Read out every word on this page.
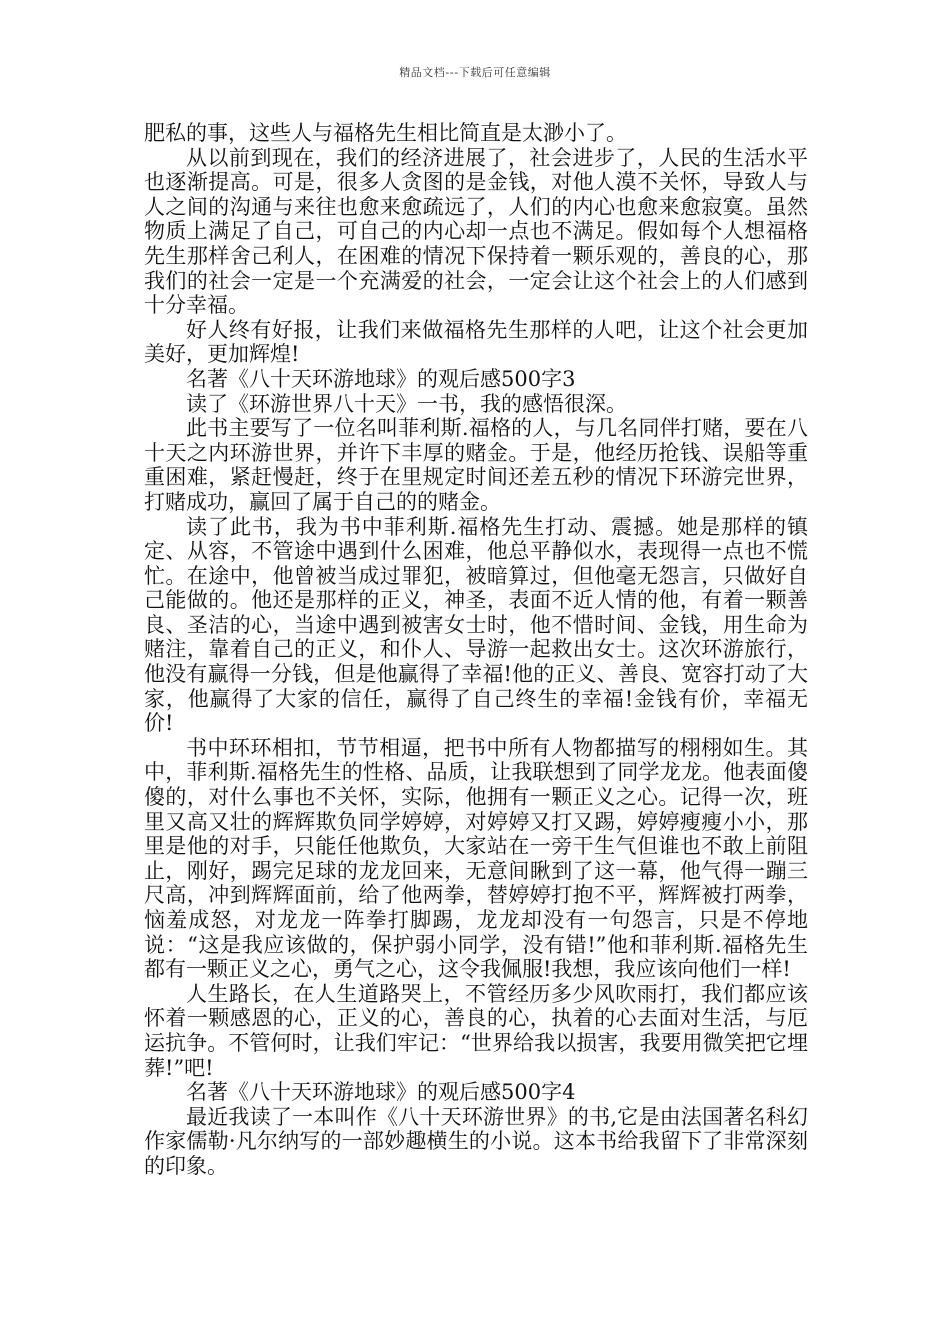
精品文档---下载后可任意编辑

肥私的事，这些人与福格先生相比简直是太渺小了。

从以前到现在，我们的经济进展了，社会进步了，人民的生活水平也逐渐提高。可是，很多人贪图的是金钱，对他人漠不关怀，导致人与人之间的沟通与来往也愈来愈疏远了，人们的内心也愈来愈寂寞。虽然物质上满足了自己，可自己的内心却一点也不满足。假如每个人想福格先生那样舍己利人，在困难的情况下保持着一颗乐观的，善良的心，那我们的社会一定是一个充满爱的社会，一定会让这个社会上的人们感到十分幸福。

好人终有好报，让我们来做福格先生那样的人吧，让这个社会更加美好，更加辉煌!

名著《八十天环游地球》的观后感500字3

读了《环游世界八十天》一书，我的感悟很深。

此书主要写了一位名叫菲利斯.福格的人，与几名同伴打赌，要在八十天之内环游世界，并许下丰厚的赌金。于是，他经历抢钱、误船等重重困难，紧赶慢赶，终于在里规定时间还差五秒的情况下环游完世界，打赌成功，赢回了属于自己的的赌金。

读了此书，我为书中菲利斯.福格先生打动、震撼。她是那样的镇定、从容，不管途中遇到什么困难，他总平静似水，表现得一点也不慌忙。在途中，他曾被当成过罪犯，被暗算过，但他毫无怨言，只做好自己能做的。他还是那样的正义，神圣，表面不近人情的他，有着一颗善良、圣洁的心，当途中遇到被害女士时，他不惜时间、金钱，用生命为赌注，靠着自己的正义，和仆人、导游一起救出女士。这次环游旅行，他没有赢得一分钱，但是他赢得了幸福!他的正义、善良、宽容打动了大家，他赢得了大家的信任，赢得了自己终生的幸福!金钱有价，幸福无价!

书中环环相扣，节节相逼，把书中所有人物都描写的栩栩如生。其中，菲利斯.福格先生的性格、品质，让我联想到了同学龙龙。他表面傻傻的，对什么事也不关怀，实际，他拥有一颗正义之心。记得一次，班里又高又壮的辉辉欺负同学婷婷，对婷婷又打又踢，婷婷瘦瘦小小，那里是他的对手，只能任他欺负，大家站在一旁干生气但谁也不敢上前阻止，刚好，踢完足球的龙龙回来，无意间瞅到了这一幕，他气得一蹦三尺高，冲到辉辉面前，给了他两拳，替婷婷打抱不平，辉辉被打两拳，恼羞成怒，对龙龙一阵拳打脚踢，龙龙却没有一句怨言，只是不停地说：“这是我应该做的，保护弱小同学，没有错!”他和菲利斯.福格先生都有一颗正义之心，勇气之心，这令我佩服!我想，我应该向他们一样!

人生路长，在人生道路哭上，不管经历多少风吹雨打，我们都应该怀着一颗感恩的心，正义的心，善良的心，执着的心去面对生活，与厄运抗争。不管何时，让我们牢记：“世界给我以损害，我要用微笑把它埋葬!”吧!

名著《八十天环游地球》的观后感500字4

最近我读了一本叫作《八十天环游世界》的书,它是由法国著名科幻作家儒勒·凡尔纳写的一部妙趣横生的小说。这本书给我留下了非常深刻的印象。
